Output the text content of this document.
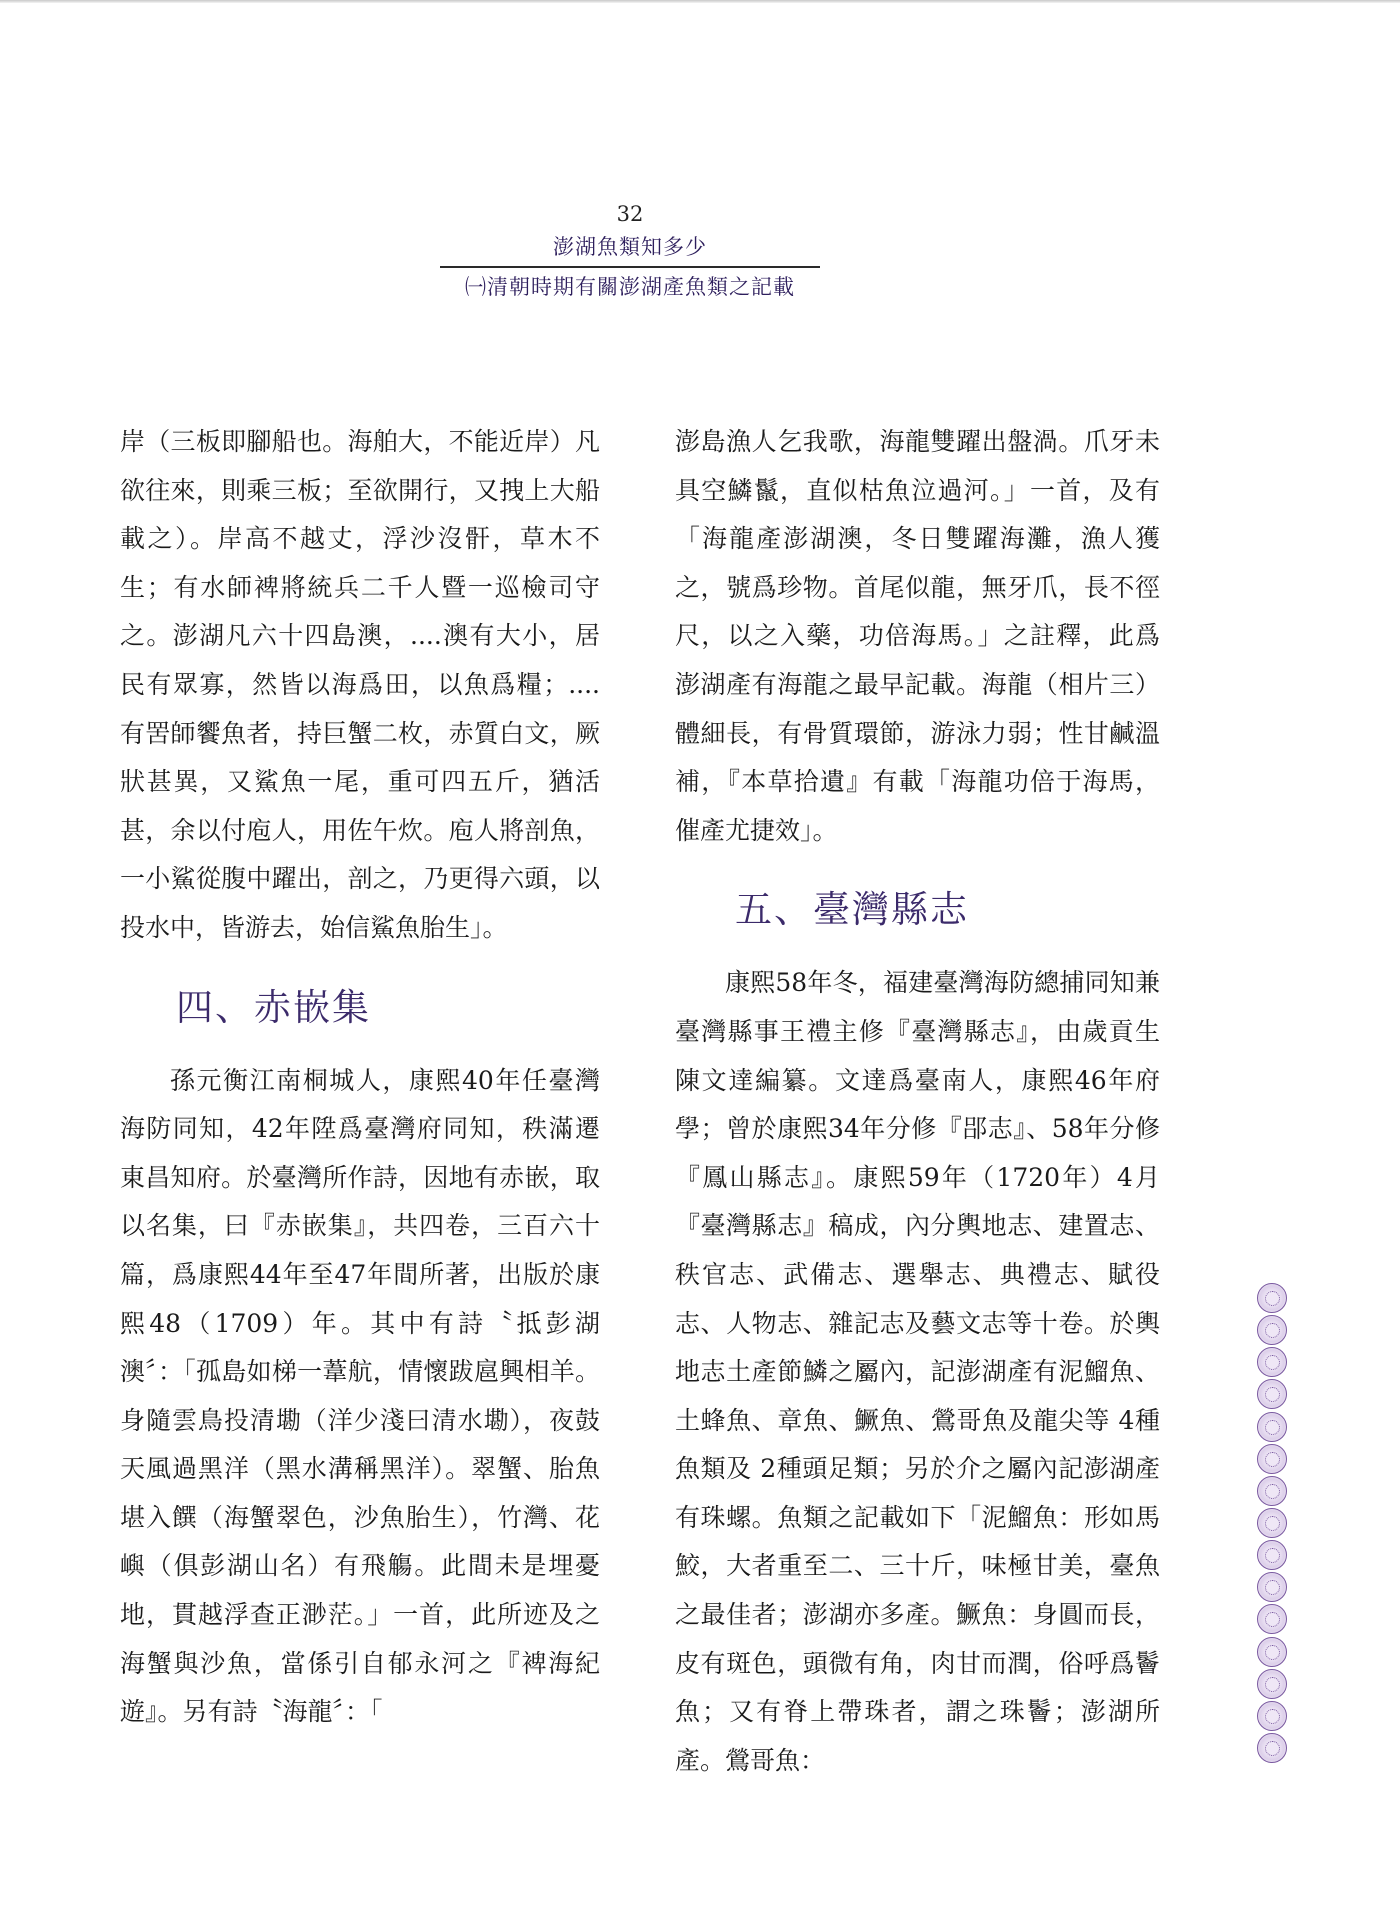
32
澎湖魚類知多少
㈠清朝時期有關澎湖產魚類之記載

岸（三板即腳船也。海舶大，不能近岸）凡欲往來，則乘三板；至欲開行，又拽上大船載之）。岸高不越丈，浮沙沒骭，草木不生；有水師裨將統兵二千人暨一巡檢司守之。澎湖凡六十四島澳，....澳有大小，居民有眾寡，然皆以海爲田，以魚爲糧；....有罟師饗魚者，持巨蟹二枚，赤質白文，厥狀甚異，又鯊魚一尾，重可四五斤，猶活甚，余以付庖人，用佐午炊。庖人將剖魚，一小鯊從腹中躍出，剖之，乃更得六頭，以投水中，皆游去，始信鯊魚胎生」。

四、赤嵌集

孫元衡江南桐城人，康熙40年任臺灣海防同知，42年陞爲臺灣府同知，秩滿遷東昌知府。於臺灣所作詩，因地有赤嵌，取以名集，曰『赤嵌集』，共四卷，三百六十篇，爲康熙44年至47年間所著，出版於康熙48（1709）年。其中有詩〝抵彭湖澳〞：「孤島如梯一葦航，情懷跋扈興相羊。身隨雲鳥投清墈（洋少淺曰清水墈），夜鼓天風過黑洋（黑水溝稱黑洋）。翠蟹、胎魚堪入饌（海蟹翠色，沙魚胎生），竹灣、花嶼（俱彭湖山名）有飛觴。此間未是埋憂地，貫越浮查正渺茫。」一首，此所迹及之海蟹與沙魚，當係引自郁永河之『裨海紀遊』。另有詩〝海龍〞：「

澎島漁人乞我歌，海龍雙躍出盤渦。爪牙未具空鱗鬣，直似枯魚泣過河。」一首，及有「海龍產澎湖澳，冬日雙躍海灘，漁人獲之，號爲珍物。首尾似龍，無牙爪，長不徑尺，以之入藥，功倍海馬。」之註釋，此爲澎湖產有海龍之最早記載。海龍（相片三）體細長，有骨質環節，游泳力弱；性甘鹹溫補，『本草拾遺』有載「海龍功倍于海馬，催產尤捷效」。

五、臺灣縣志

康熙58年冬，福建臺灣海防總捕同知兼臺灣縣事王禮主修『臺灣縣志』，由歲貢生陳文達編纂。文達爲臺南人，康熙46年府學；曾於康熙34年分修『郘志』、58年分修『鳳山縣志』。康熙59年（1720年）4月『臺灣縣志』稿成，內分輿地志、建置志、秩官志、武備志、選舉志、典禮志、賦役志、人物志、雜記志及藝文志等十卷。於輿地志土產節鱗之屬內，記澎湖產有泥鰡魚、土蜂魚、章魚、鱖魚、鶯哥魚及龍尖等 4種魚類及 2種頭足類；另於介之屬內記澎湖產有珠螺。魚類之記載如下「泥鰡魚：形如馬鮫，大者重至二、三十斤，味極甘美，臺魚之最佳者；澎湖亦多產。鱖魚：身圓而長，皮有斑色，頭微有角，肉甘而潤，俗呼爲鬠魚；又有脊上帶珠者，謂之珠鬠；澎湖所產。鶯哥魚：
